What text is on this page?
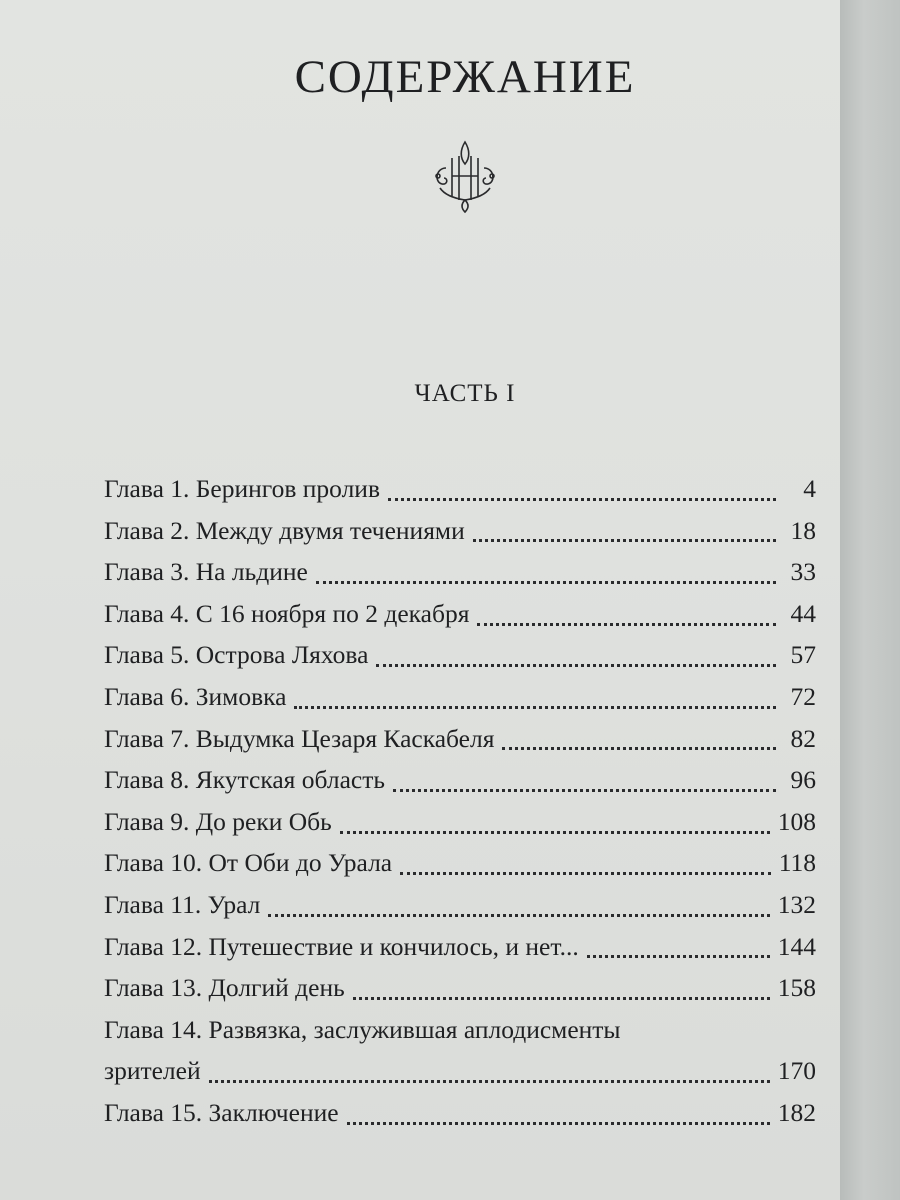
СОДЕРЖАНИЕ
ЧАСТЬ I
Глава 1. Берингов пролив	4
Глава 2. Между двумя течениями	18
Глава 3. На льдине	33
Глава 4. С 16 ноября по 2 декабря	44
Глава 5. Острова Ляхова	57
Глава 6. Зимовка	72
Глава 7. Выдумка Цезаря Каскабеля	82
Глава 8. Якутская область	96
Глава 9. До реки Обь	108
Глава 10. От Оби до Урала	118
Глава 11. Урал	132
Глава 12. Путешествие и кончилось, и нет...	144
Глава 13. Долгий день	158
Глава 14. Развязка, заслужившая аплодисменты
зрителей	170
Глава 15. Заключение	182
